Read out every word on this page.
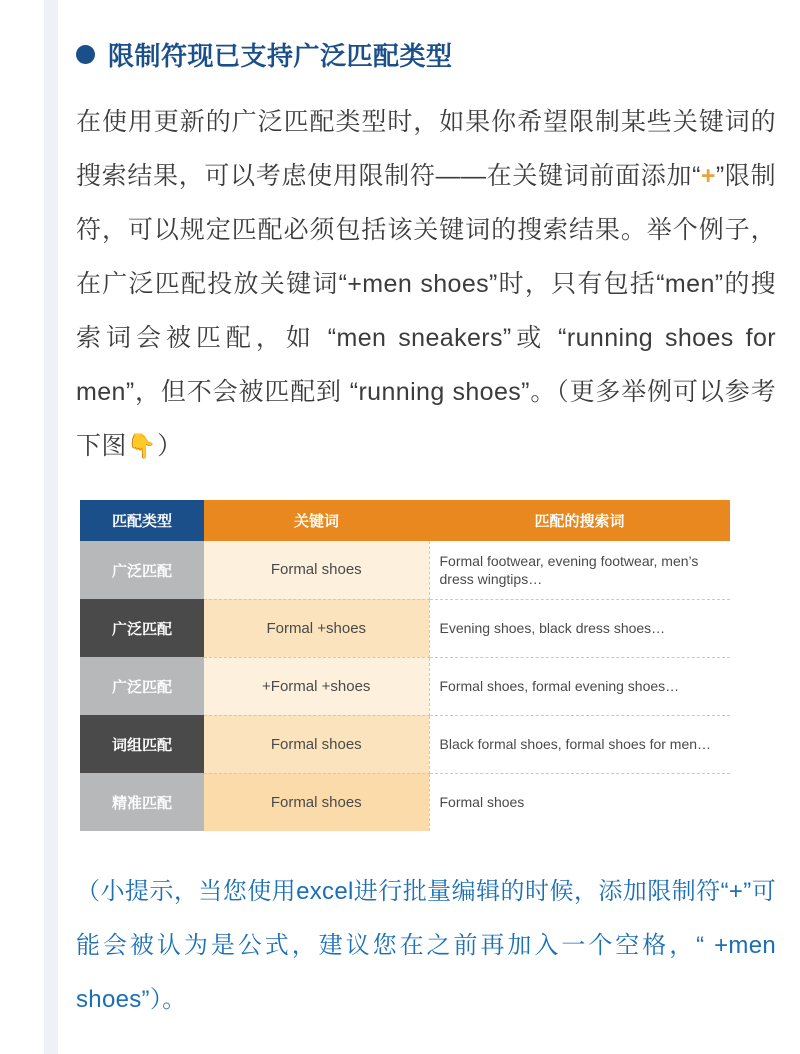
限制符现已支持广泛匹配类型

在使用更新的广泛匹配类型时，如果你希望限制某些关键词的搜索结果，可以考虑使用限制符——在关键词前面添加“+”限制符，可以规定匹配必须包括该关键词的搜索结果。举个例子，在广泛匹配投放关键词“+men shoes”时，只有包括“men”的搜索词会被匹配，如 “men sneakers”或 “running shoes for men”，但不会被匹配到 “running shoes”。（更多举例可以参考下图👇）

匹配类型	关键词	匹配的搜索词
广泛匹配	Formal shoes	Formal footwear, evening footwear, men’s dress wingtips…
广泛匹配	Formal +shoes	Evening shoes, black dress shoes…
广泛匹配	+Formal +shoes	Formal shoes, formal evening shoes…
词组匹配	Formal shoes	Black formal shoes, formal shoes for men…
精准匹配	Formal shoes	Formal shoes

（小提示，当您使用excel进行批量编辑的时候，添加限制符“+”可能会被认为是公式，建议您在之前再加入一个空格，“ +men shoes”）。
